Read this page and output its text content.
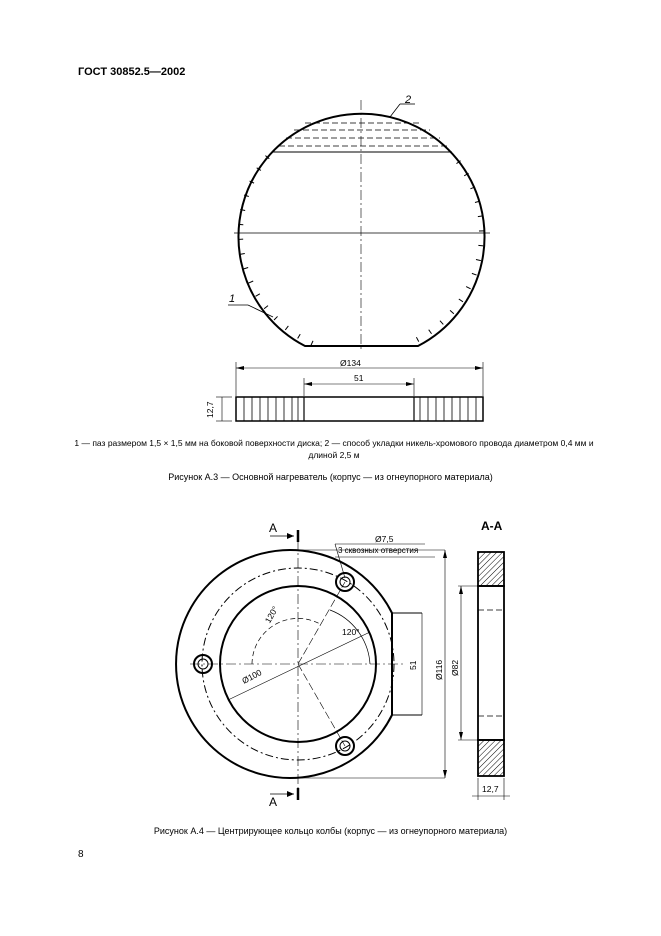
ГОСТ 30852.5—2002
2
1
Ø134
51
12,7
1 — паз размером 1,5 × 1,5 мм на боковой поверхности диска; 2 — способ укладки никель-хромового провода диаметром 0,4 мм и длиной 2,5 м
Рисунок А.3 — Основной нагреватель (корпус — из огнеупорного материала)
120°
120°
Ø100
Ø7,5
3 сквозных отверстия
А
А
51 Ø116 Ø82
А-А
12,7
Рисунок А.4 — Центрирующее кольцо колбы (корпус — из огнеупорного материала)
8
